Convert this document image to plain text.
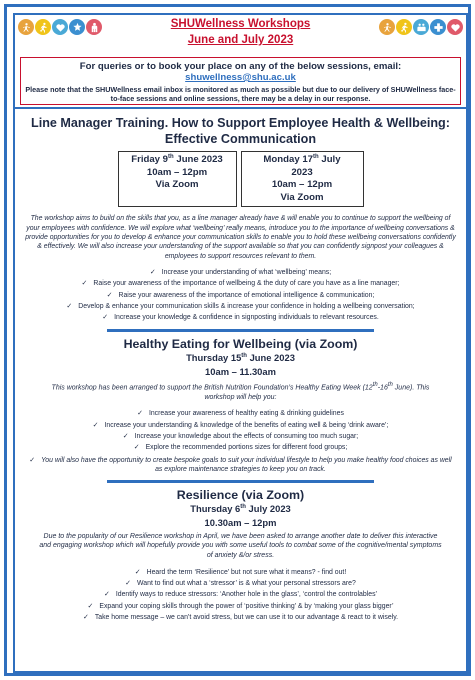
SHUWellness Workshops
June and July 2023
For queries or to book your place on any of the below sessions, email: shuwellness@shu.ac.uk
Please note that the SHUWellness email inbox is monitored as much as possible but due to our delivery of SHUWellness face-to-face sessions and online sessions, there may be a delay in our response.
Line Manager Training. How to Support Employee Health & Wellbeing: Effective Communication
Friday 9th June 2023
10am – 12pm
Via Zoom
Monday 17th July 2023
10am – 12pm
Via Zoom
The workshop aims to build on the skills that you, as a line manager already have & will enable you to continue to support the wellbeing of your employees with confidence. We will explore what ‘wellbeing’ really means, introduce you to the importance of wellbeing conversations & provide opportunities for you to develop & enhance your communication skills to enable you to hold these wellbeing conversations confidently & effectively. We will also increase your understanding of the support available so that you can confidently signpost your colleagues & employees to support resources relevant to them.
✓ Increase your understanding of what ‘wellbeing’ means;
✓ Raise your awareness of the importance of wellbeing & the duty of care you have as a line manager;
✓ Raise your awareness of the importance of emotional intelligence & communication;
✓ Develop & enhance your communication skills & increase your confidence in holding a wellbeing conversation;
✓ Increase your knowledge & confidence in signposting individuals to relevant resources.
Healthy Eating for Wellbeing (via Zoom)
Thursday 15th June 2023
10am – 11.30am
This workshop has been arranged to support the British Nutrition Foundation’s Healthy Eating Week (12th-16th June). This workshop will help you:
✓ Increase your awareness of healthy eating & drinking guidelines
✓ Increase your understanding & knowledge of the benefits of eating well & being ‘drink aware’;
✓ Increase your knowledge about the effects of consuming too much sugar;
✓ Explore the recommended portions sizes for different food groups;
✓ You will also have the opportunity to create bespoke goals to suit your individual lifestyle to help you make healthy food choices as well as explore maintenance strategies to keep you on track.
Resilience (via Zoom)
Thursday 6th July 2023
10.30am – 12pm
Due to the popularity of our Resilience workshop in April, we have been asked to arrange another date to deliver this interactive and engaging workshop which will hopefully provide you with some useful tools to combat some of the cognitive/mental symptoms of anxiety &/or stress.
✓ Heard the term ‘Resilience’ but not sure what it means? - find out!
✓ Want to find out what a ‘stressor’ is & what your personal stressors are?
✓ Identify ways to reduce stressors: ‘Another hole in the glass’, ‘control the controlables’
✓ Expand your coping skills through the power of ‘positive thinking’ & by ‘making your glass bigger’
✓ Take home message – we can’t avoid stress, but we can use it to our advantage & react to it wisely.
